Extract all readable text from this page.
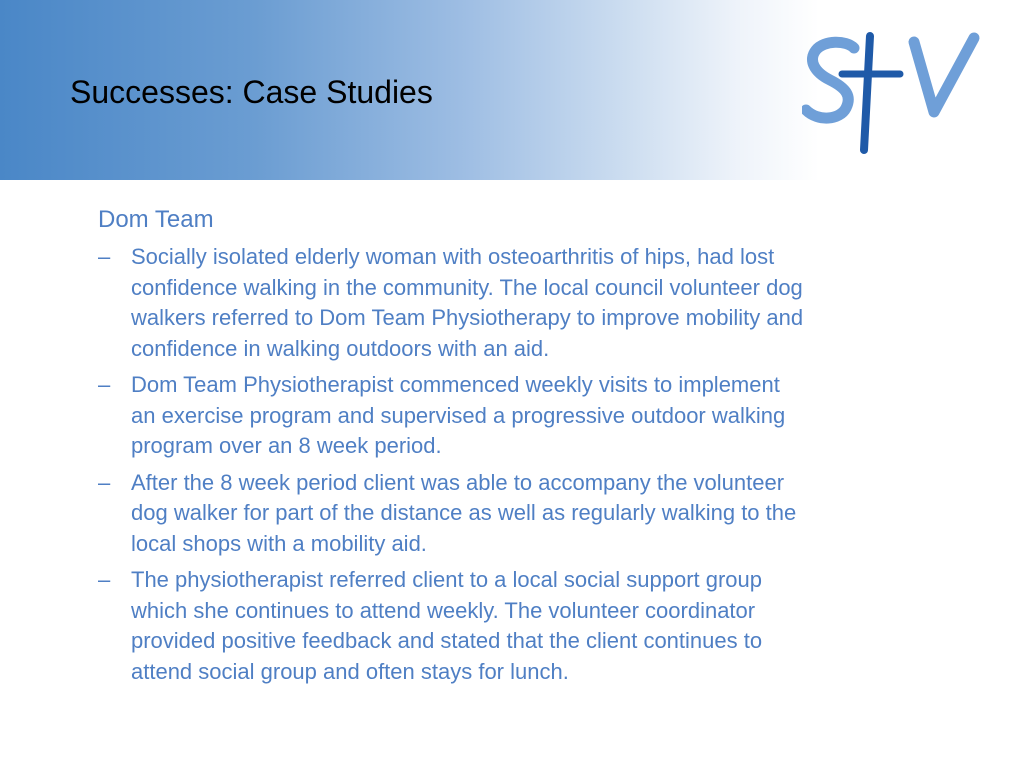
Successes: Case Studies
Dom Team
– Socially isolated elderly woman with osteoarthritis of hips, had lost
confidence walking in the community. The local council volunteer dog
walkers referred to Dom Team Physiotherapy to improve mobility and
confidence in walking outdoors with an aid.
– Dom Team Physiotherapist commenced weekly visits to implement
an exercise program and supervised a progressive outdoor walking
program over an 8 week period.
– After the 8 week period client was able to accompany the volunteer
dog walker for part of the distance as well as regularly walking to the
local shops with a mobility aid.
– The physiotherapist referred client to a local social support group
which she continues to attend weekly. The volunteer coordinator
provided positive feedback and stated that the client continues to
attend social group and often stays for lunch.
